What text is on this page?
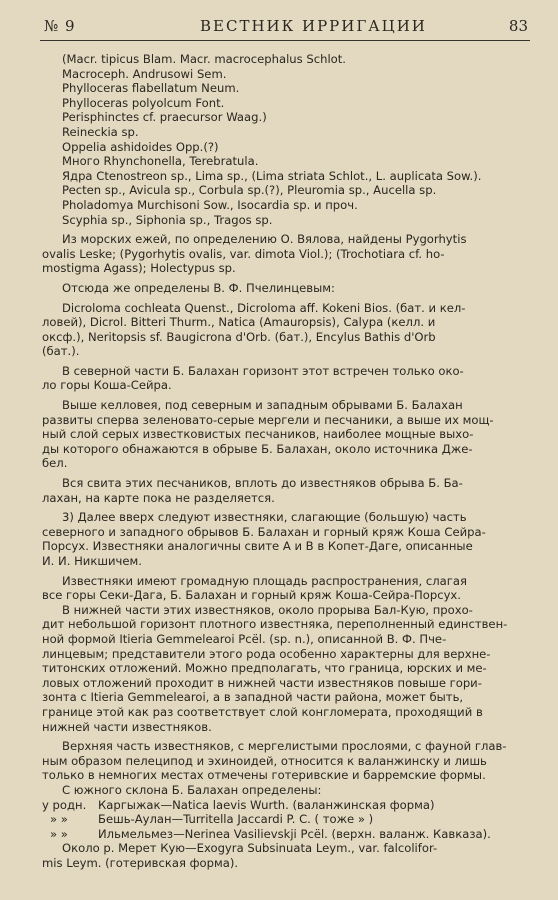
№ 9	ВЕСТНИК ИРРИГАЦИИ	83
(Macr. tipicus Blam. Macr. macrocephalus Schlot.
Macroceph. Andrusowi Sem.
Phylloceras flabellatum Neum.
Phylloceras polyolcum Font.
Perisphinctes cf. praecursor Waag.)
Reineckia sp.
Oppelia ashidoides Opp.(?)
Много Rhynchonella, Terebratula.
Ядра Ctenostreon sp., Lima sp., (Lima striata Schlot., L. auplicata Sow.).
Pecten sp., Avicula sp., Corbula sp.(?), Pleuromia sp., Aucella sp.
Pholadomya Murchisoni Sow., Isocardia sp. и проч.
Scyphia sp., Siphonia sp., Tragos sp.
Из морских ежей, по определению О. Вялова, найдены Pygorhytis
ovalis Leske; (Pygorhytis ovalis, var. dimota Viol.); (Trochotiara cf. ho-
mostigma Agass); Holectypus sp.
Отсюда же определены В. Ф. Пчелинцевым:
Dicroloma cochleata Quenst., Dicroloma aff. Kokeni Bios. (бат. и кел-
ловей), Dicrol. Bitteri Thurm., Natica (Amauropsis), Calypa (келл. и
оксф.), Neritopsis sf. Baugicrona d'Orb. (бат.), Encylus Bathis d'Orb
(бат.).
В северной части Б. Балахан горизонт этот встречен только око-
ло горы Коша-Сейра.
Выше келловея, под северным и западным обрывами Б. Балахан
развиты сперва зеленовато-серые мергели и песчаники, а выше их мощ-
ный слой серых известковистых песчаников, наиболее мощные выхо-
ды которого обнажаются в обрыве Б. Балахан, около источника Дже-
бел.
Вся свита этих песчаников, вплоть до известняков обрыва Б. Ба-
лахан, на карте пока не разделяется.
3) Далее вверх следуют известняки, слагающие (большую) часть
северного и западного обрывов Б. Балахан и горный кряж Коша Сейра-
Порсух. Известняки аналогичны свите A и B в Копет-Даге, описанные
И. И. Никшичем.
Известняки имеют громадную площадь распространения, слагая
все горы Секи-Дага, Б. Балахан и горный кряж Коша-Сейра-Порсух.
В нижней части этих известняков, около прорыва Бал-Кую, прохо-
дит небольшой горизонт плотного известняка, переполненный единствен-
ной формой Itieria Gemmelearoi Pcël. (sp. n.), описанной В. Ф. Пче-
линцевым; представители этого рода особенно характерны для верхне-
титонских отложений. Можно предполагать, что граница, юрских и ме-
ловых отложений проходит в нижней части известняков повыше гори-
зонта с Itieria Gemmelearoi, а в западной части района, может быть,
границе этой как раз соответствует слой конгломерата, проходящий в
нижней части известняков.
Верхняя часть известняков, с мергелистыми прослоями, с фауной глав-
ным образом пелеципод и эхиноидей, относится к валанжинску и лишь
только в немногих местах отмечены готеривские и барремские формы.
С южного склона Б. Балахан определены:
у родн.	Каргыжак—Natica laevis Wurth. (валанжинская форма)
» »	Бешь-Аулан—Turritella Jaccardi P. C. ( тоже » )
» »	Ильмельмез—Nerinea Vasilievskji Pcël. (верхн. валанж. Кавказа).
Около р. Мерет Кую—Exogyra Subsinuata Leym., var. falcolifor-
mis Leym. (готеривская форма).
